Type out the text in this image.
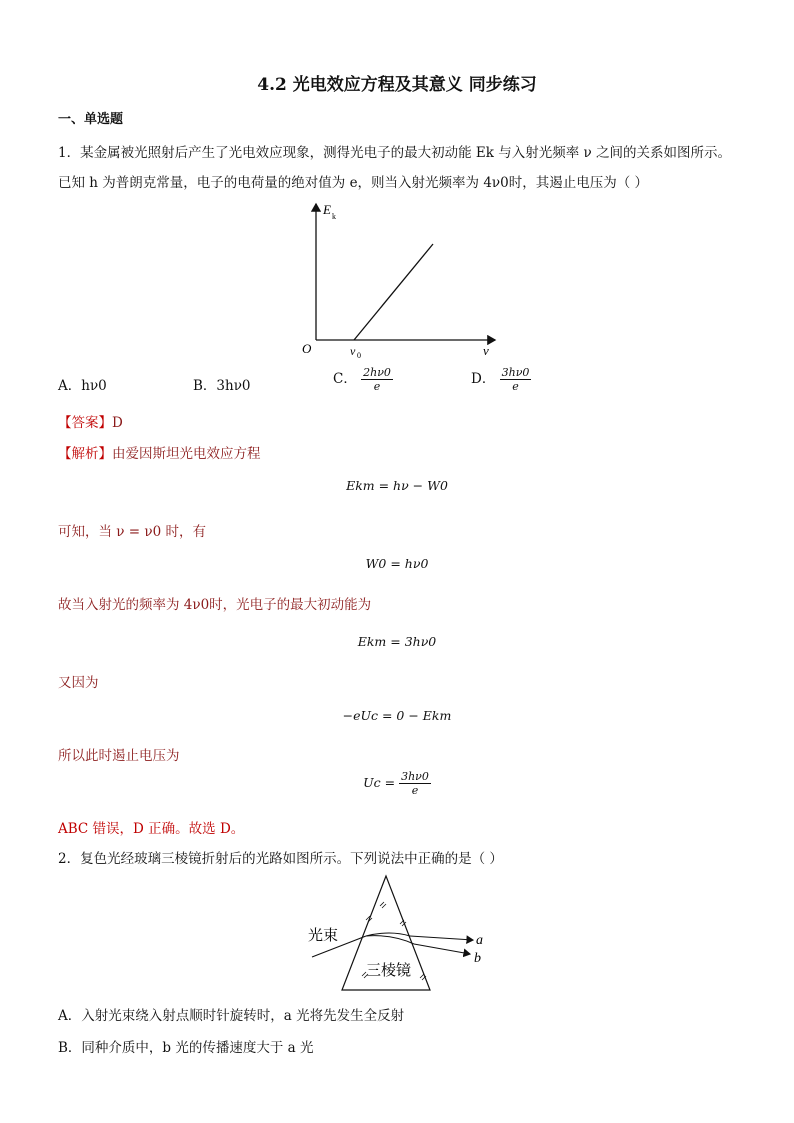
4.2 光电效应方程及其意义 同步练习
一、单选题
1．某金属被光照射后产生了光电效应现象，测得光电子的最大初动能 Ek 与入射光频率 ν 之间的关系如图所示。
已知 h 为普朗克常量，电子的电荷量的绝对值为 e，则当入射光频率为 4ν0时，其遏止电压为（ ）
E k
O	ν 0	ν
A．hν0	B．3hν0	C． $\frac{2h\nu 0}{e}$	D． $\frac{3h\nu 0}{e}$
【答案】D
【解析】由爱因斯坦光电效应方程
Ekm = hν − W0
可知，当 ν = ν0 时，有
W0 = hν0
故当入射光的频率为 4ν0时，光电子的最大初动能为
Ekm = 3hν0
又因为
−eUc = 0 − Ekm
所以此时遏止电压为
$Uc = \frac{3h\nu 0}{e}$
ABC 错误，D 正确。故选 D。
2．复色光经玻璃三棱镜折射后的光路如图所示。下列说法中正确的是（ ）
光束
三棱镜
a
b
A．入射光束绕入射点顺时针旋转时，a 光将先发生全反射
B．同种介质中，b 光的传播速度大于 a 光
